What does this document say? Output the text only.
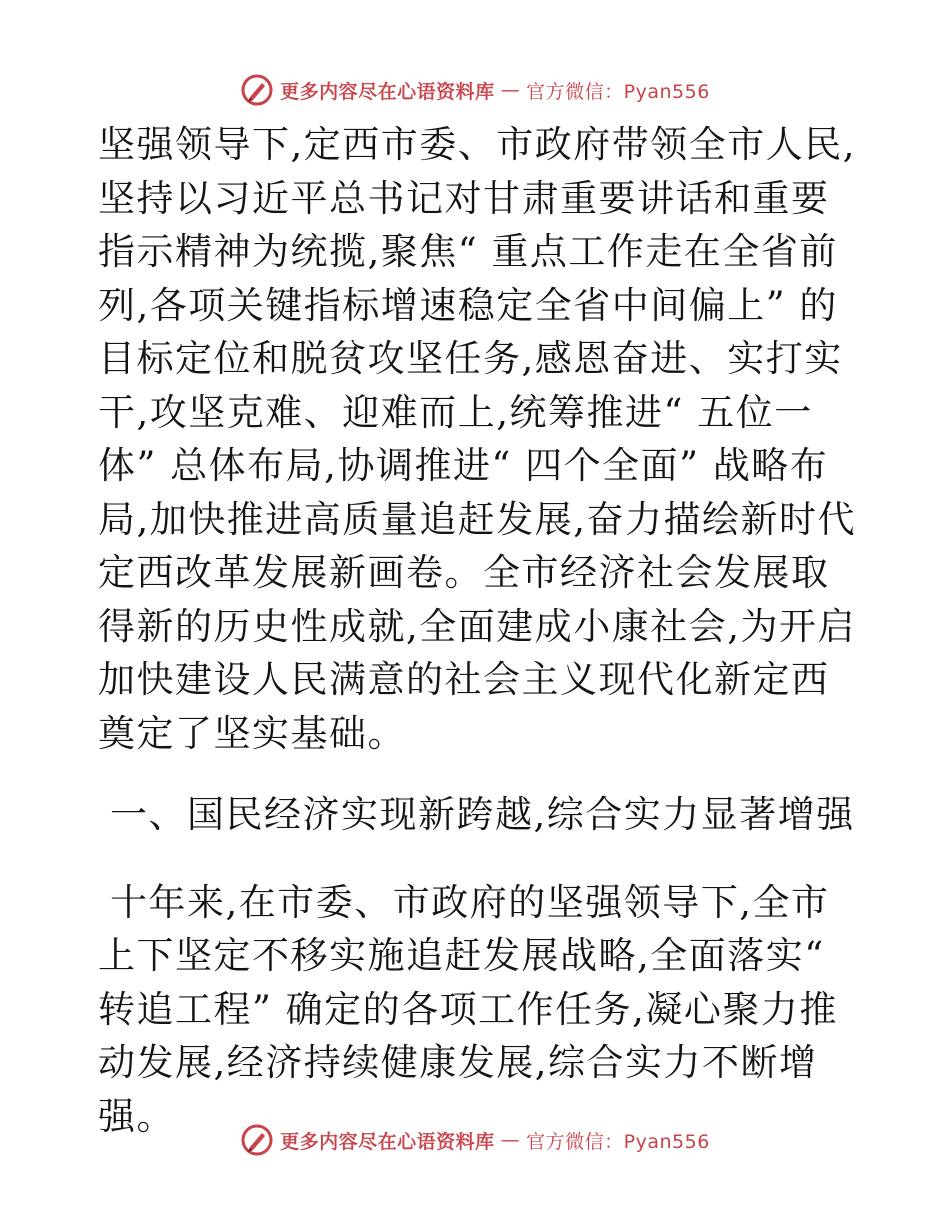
更多内容尽在心语资料库 — 官方微信：Pyan556

坚强领导下,定西市委、市政府带领全市人民,坚持以习近平总书记对甘肃重要讲话和重要指示精神为统揽,聚焦“ 重点工作走在全省前列,各项关键指标增速稳定全省中间偏上” 的目标定位和脱贫攻坚任务,感恩奋进、实打实干,攻坚克难、迎难而上,统筹推进“ 五位一体” 总体布局,协调推进“ 四个全面” 战略布局,加快推进高质量追赶发展,奋力描绘新时代定西改革发展新画卷。全市经济社会发展取得新的历史性成就,全面建成小康社会,为开启加快建设人民满意的社会主义现代化新定西奠定了坚实基础。

一、国民经济实现新跨越,综合实力显著增强

十年来,在市委、市政府的坚强领导下,全市上下坚定不移实施追赶发展战略,全面落实“ 转追工程” 确定的各项工作任务,凝心聚力推动发展,经济持续健康发展,综合实力不断增强。

更多内容尽在心语资料库 — 官方微信：Pyan556
